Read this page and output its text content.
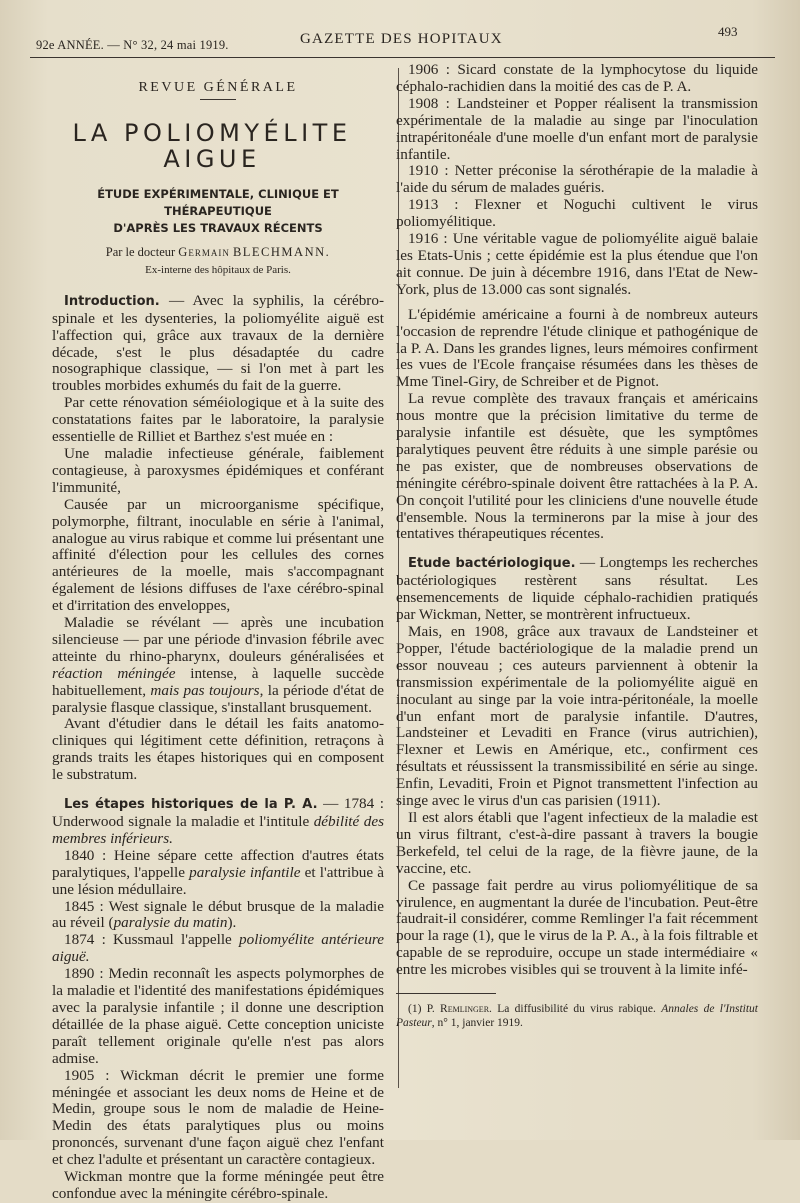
92e ANNÉE. — N° 32, 24 mai 1919.	GAZETTE DES HOPITAUX	493
REVUE GÉNÉRALE
LA POLIOMYÉLITE AIGUE
ÉTUDE EXPÉRIMENTALE, CLINIQUE ET THÉRAPEUTIQUE
D'APRÈS LES TRAVAUX RÉCENTS
Par le docteur Germain BLECHMANN.
Ex-interne des hôpitaux de Paris.

Introduction. — Avec la syphilis, la cérébro-spinale et les dysenteries, la poliomyélite aiguë est l'affection qui, grâce aux travaux de la dernière décade, s'est le plus désadaptée du cadre nosographique classique, — si l'on met à part les troubles morbides exhumés du fait de la guerre.

Par cette rénovation séméiologique et à la suite des constatations faites par le laboratoire, la paralysie essentielle de Rilliet et Barthez s'est muée en :

Une maladie infectieuse générale, faiblement contagieuse, à paroxysmes épidémiques et conférant l'immunité,

Causée par un microorganisme spécifique, polymorphe, filtrant, inoculable en série à l'animal, analogue au virus rabique et comme lui présentant une affinité d'élection pour les cellules des cornes antérieures de la moelle, mais s'accompagnant également de lésions diffuses de l'axe cérébro-spinal et d'irritation des enveloppes,

Maladie se révélant — après une incubation silencieuse — par une période d'invasion fébrile avec atteinte du rhino-pharynx, douleurs généralisées et réaction méningée intense, à laquelle succède habituellement, mais pas toujours, la période d'état de paralysie flasque classique, s'installant brusquement.

Avant d'étudier dans le détail les faits anatomo-cliniques qui légitiment cette définition, retraçons à grands traits les étapes historiques qui en composent le substratum.

Les étapes historiques de la P. A. — 1784 : Underwood signale la maladie et l'intitule débilité des membres inférieurs.

1840 : Heine sépare cette affection d'autres états paralytiques, l'appelle paralysie infantile et l'attribue à une lésion médullaire.

1845 : West signale le début brusque de la maladie au réveil (paralysie du matin).

1874 : Kussmaul l'appelle poliomyélite antérieure aiguë.

1890 : Medin reconnaît les aspects polymorphes de la maladie et l'identité des manifestations épidémiques avec la paralysie infantile ; il donne une description détaillée de la phase aiguë. Cette conception uniciste paraît tellement originale qu'elle n'est pas alors admise.

1905 : Wickman décrit le premier une forme méningée et associant les deux noms de Heine et de Medin, groupe sous le nom de maladie de Heine-Medin des états paralytiques plus ou moins prononcés, survenant d'une façon aiguë chez l'enfant et chez l'adulte et présentant un caractère contagieux.

Wickman montre que la forme méningée peut être confondue avec la méningite cérébro-spinale.

1906 : Sicard constate de la lymphocytose du liquide céphalo-rachidien dans la moitié des cas de P. A.

1908 : Landsteiner et Popper réalisent la transmission expérimentale de la maladie au singe par l'inoculation intrapéritonéale d'une moelle d'un enfant mort de paralysie infantile.

1910 : Netter préconise la sérothérapie de la maladie à l'aide du sérum de malades guéris.

1913 : Flexner et Noguchi cultivent le virus poliomyélitique.

1916 : Une véritable vague de poliomyélite aiguë balaie les Etats-Unis ; cette épidémie est la plus étendue que l'on ait connue. De juin à décembre 1916, dans l'Etat de New-York, plus de 13.000 cas sont signalés.

L'épidémie américaine a fourni à de nombreux auteurs l'occasion de reprendre l'étude clinique et pathogénique de la P. A. Dans les grandes lignes, leurs mémoires confirment les vues de l'Ecole française résumées dans les thèses de Mme Tinel-Giry, de Schreiber et de Pignot.

La revue complète des travaux français et américains nous montre que la précision limitative du terme de paralysie infantile est désuète, que les symptômes paralytiques peuvent être réduits à une simple parésie ou ne pas exister, que de nombreuses observations de méningite cérébro-spinale doivent être rattachées à la P. A. On conçoit l'utilité pour les cliniciens d'une nouvelle étude d'ensemble. Nous la terminerons par la mise à jour des tentatives thérapeutiques récentes.

Etude bactériologique. — Longtemps les recherches bactériologiques restèrent sans résultat. Les ensemencements de liquide céphalo-rachidien pratiqués par Wickman, Netter, se montrèrent infructueux.

Mais, en 1908, grâce aux travaux de Landsteiner et Popper, l'étude bactériologique de la maladie prend un essor nouveau ; ces auteurs parviennent à obtenir la transmission expérimentale de la poliomyélite aiguë en inoculant au singe par la voie intra-péritonéale, la moelle d'un enfant mort de paralysie infantile. D'autres, Landsteiner et Levaditi en France (virus autrichien), Flexner et Lewis en Amérique, etc., confirment ces résultats et réussissent la transmissibilité en série au singe. Enfin, Levaditi, Froin et Pignot transmettent l'infection au singe avec le virus d'un cas parisien (1911).

Il est alors établi que l'agent infectieux de la maladie est un virus filtrant, c'est-à-dire passant à travers la bougie Berkefeld, tel celui de la rage, de la fièvre jaune, de la vaccine, etc.

Ce passage fait perdre au virus poliomyélitique de sa virulence, en augmentant la durée de l'incubation. Peut-être faudrait-il considérer, comme Remlinger l'a fait récemment pour la rage (1), que le virus de la P. A., à la fois filtrable et capable de se reproduire, occupe un stade intermédiaire « entre les microbes visibles qui se trouvent à la limite infé-

(1) P. Remlinger. La diffusibilité du virus rabique. Annales de l'Institut Pasteur, n° 1, janvier 1919.
